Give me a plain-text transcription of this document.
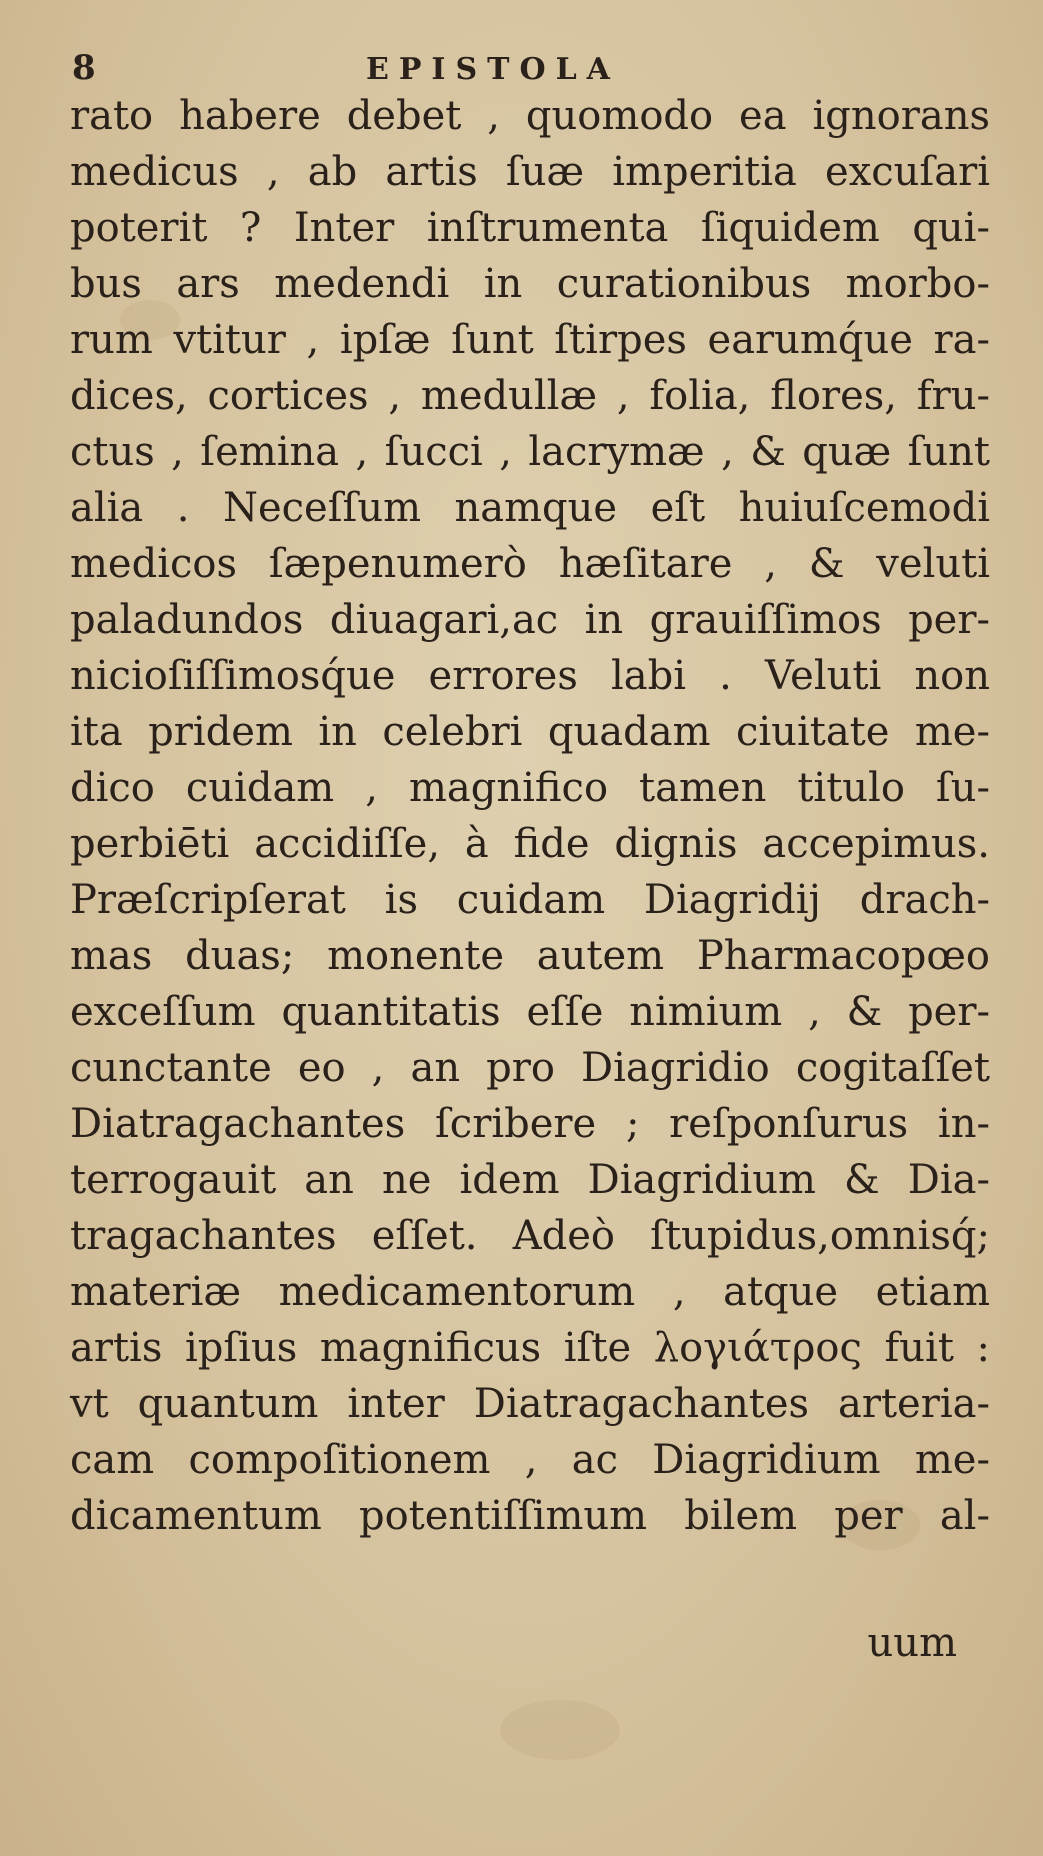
8	EPISTOLA
rato habere debet , quomodo ea ignorans
medicus , ab artis ſuæ imperitia excuſari
poterit ? Inter inſtrumenta ſiquidem qui-
bus ars medendi in curationibus morbo-
rum vtitur , ipſæ ſunt ſtirpes earumq́ue ra-
dices, cortices , medullæ , folia, flores, fru-
ctus , ſemina , ſucci , lacrymæ , & quæ ſunt
alia . Neceſſum namque eſt huiuſcemodi
medicos ſæpenumerò hæſitare , & veluti
paladundos diuagari,ac in grauiſſimos per-
nicioſiſſimosq́ue errores labi . Veluti non
ita pridem in celebri quadam ciuitate me-
dico cuidam , magnifico tamen titulo ſu-
perbiēti accidiſſe, à fide dignis accepimus.
Præſcripſerat is cuidam Diagridij drach-
mas duas; monente autem Pharmacopœo
exceſſum quantitatis eſſe nimium , & per-
cunctante eo , an pro Diagridio cogitaſſet
Diatragachantes ſcribere ; reſponſurus in-
terrogauit an ne idem Diagridium & Dia-
tragachantes eſſet. Adeò ſtupidus,omnisq́;
materiæ medicamentorum , atque etiam
artis ipſius magnificus iſte λογιάτρος fuit :
vt quantum inter Diatragachantes arteria-
cam compoſitionem , ac Diagridium me-
dicamentum potentiſſimum bilem per al-
uum
